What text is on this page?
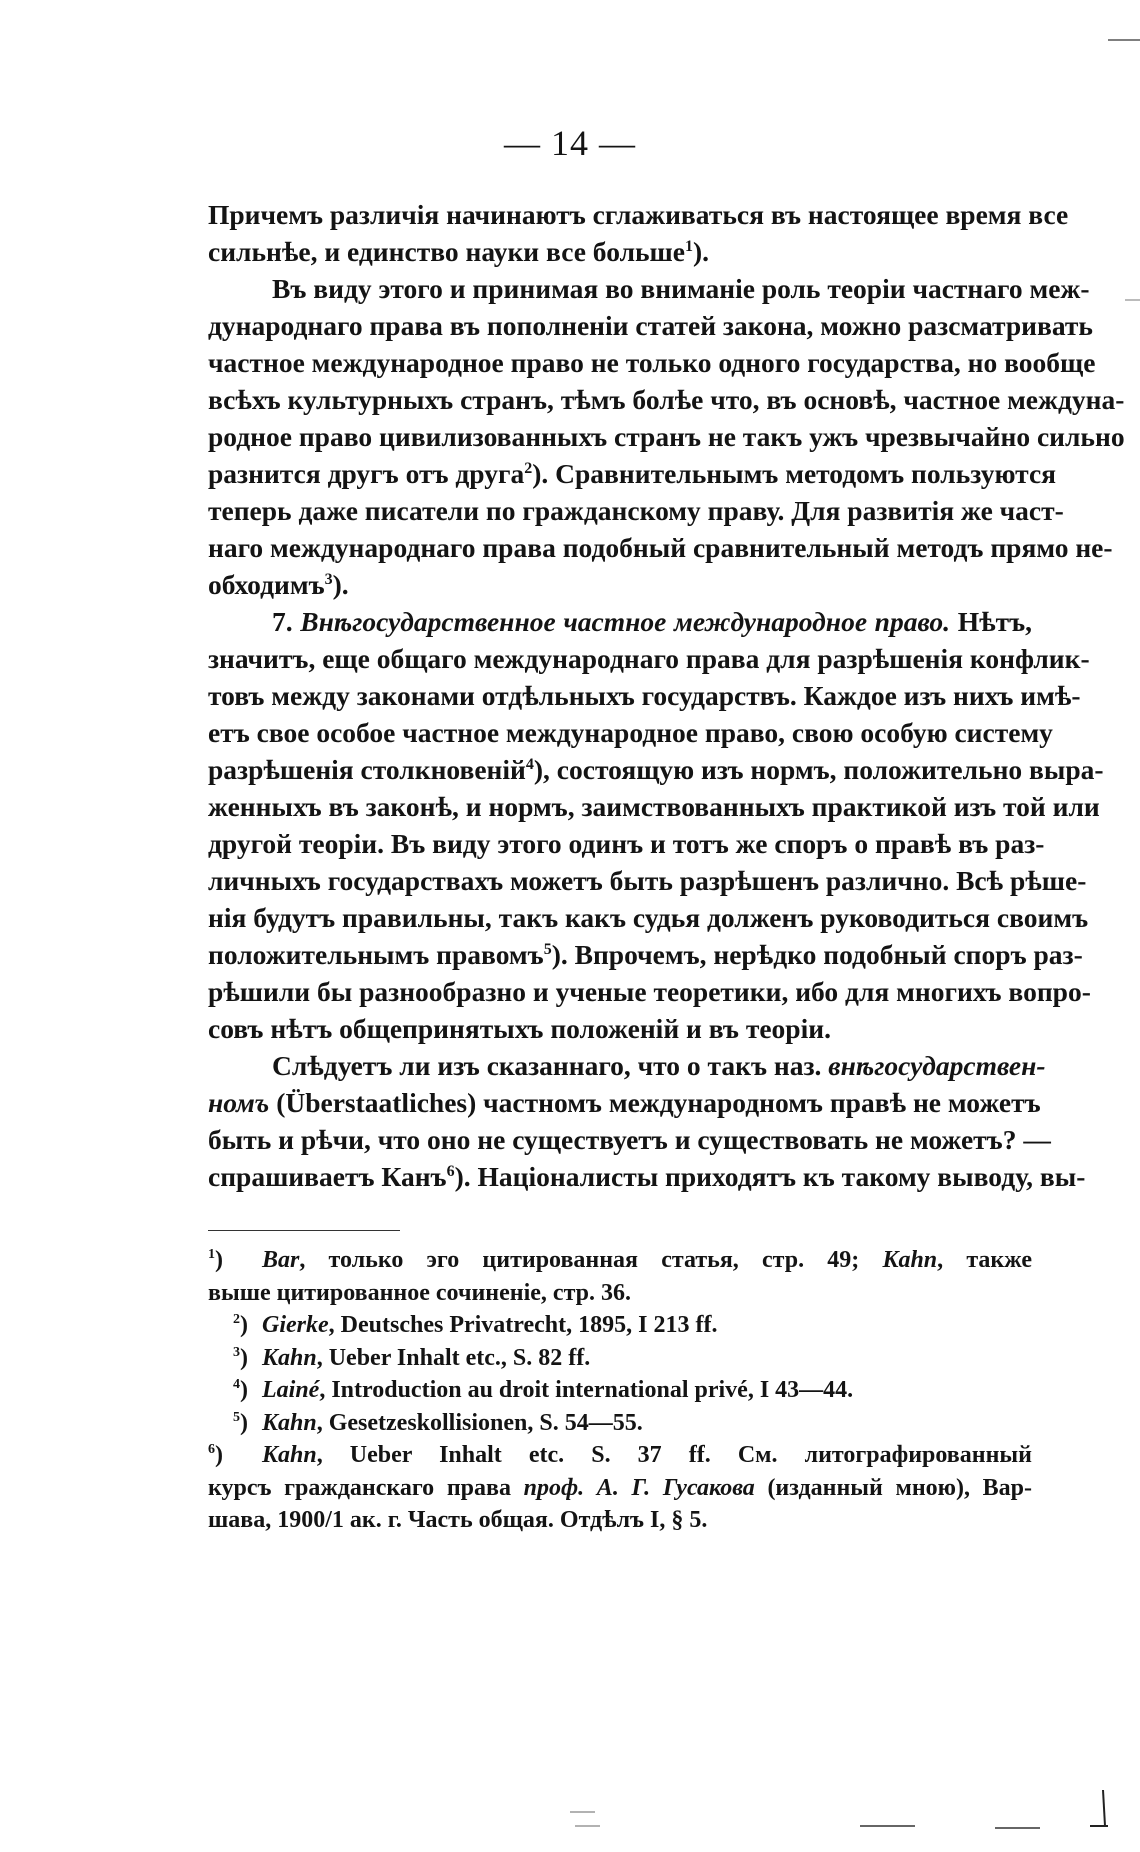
— 14 —
Причемъ различія начинаютъ сглаживаться въ настоящее время все
сильнѣе, и единство науки все больше$^1$).
Въ виду этого и принимая во вниманіе роль теоріи частнаго меж-
дународнаго права въ пополненіи статей закона, можно разсматривать
частное международное право не только одного государства, но вообще
всѣхъ культурныхъ странъ, тѣмъ болѣе что, въ основѣ, частное междуна-
родное право цивилизованныхъ странъ не такъ ужъ чрезвычайно сильно
разнится другъ отъ друга$^2$). Сравнительнымъ методомъ пользуются
теперь даже писатели по гражданскому праву. Для развитія же част-
наго международнаго права подобный сравнительный методъ прямо не-
обходимъ$^3$).
7. Внѣгосударственное частное международное право. Нѣтъ,
значитъ, еще общаго международнаго права для разрѣшенія конфлик-
товъ между законами отдѣльныхъ государствъ. Каждое изъ нихъ имѣ-
етъ свое особое частное международное право, свою особую систему
разрѣшенія столкновеній$^4$), состоящую изъ нормъ, положительно выра-
женныхъ въ законѣ, и нормъ, заимствованныхъ практикой изъ той или
другой теоріи. Въ виду этого одинъ и тотъ же споръ о правѣ въ раз-
личныхъ государствахъ можетъ быть разрѣшенъ различно. Всѣ рѣше-
нія будутъ правильны, такъ какъ судья долженъ руководиться своимъ
положительнымъ правомъ$^5$). Впрочемъ, нерѣдко подобный споръ раз-
рѣшили бы разнообразно и ученые теоретики, ибо для многихъ вопро-
совъ нѣтъ общепринятыхъ положеній и въ теоріи.
Слѣдуетъ ли изъ сказаннаго, что о такъ наз. внѣгосударствен-
номъ (Überstaatliches) частномъ международномъ правѣ не можетъ
быть и рѣчи, что оно не существуетъ и существовать не можетъ? —
спрашиваетъ Канъ$^6$). Націоналисты приходятъ къ такому выводу, вы-
$^1$) Bar, только эго цитированная статья, стр. 49; Kahn, также
выше цитированное сочиненіе, стр. 36.
$^2$) Gierke, Deutsches Privatrecht, 1895, I 213 ff.
$^3$) Kahn, Ueber Inhalt etc., S. 82 ff.
$^4$) Lainé, Introduction au droit international privé, I 43—44.
$^5$) Kahn, Gesetzeskollisionen, S. 54—55.
$^6$) Kahn, Ueber Inhalt etc. S. 37 ff. См. литографированный
курсъ гражданскаго права проф. А. Г. Гусакова (изданный мною), Вар-
шава, 1900/1 ак. г. Часть общая. Отдѣлъ I, § 5.
